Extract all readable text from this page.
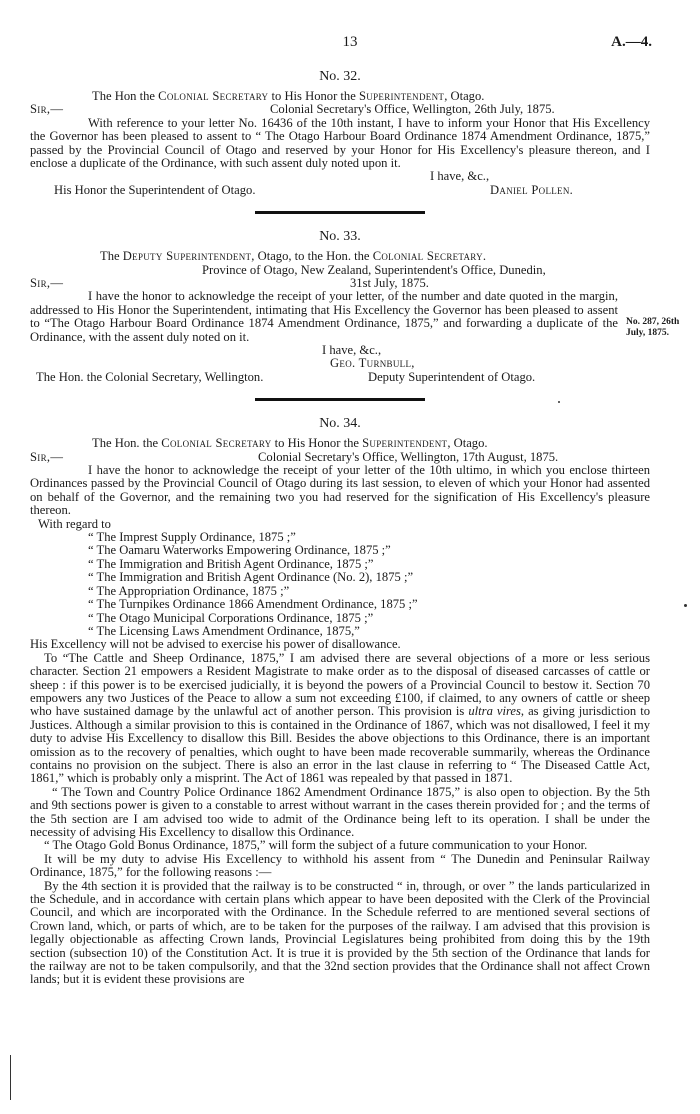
13	A.—4.
No. 32.
The Hon the Colonial Secretary to His Honor the Superintendent, Otago.
Sir,—	Colonial Secretary's Office, Wellington, 26th July, 1875.

With reference to your letter No. 16436 of the 10th instant, I have to inform your Honor that His Excellency the Governor has been pleased to assent to “ The Otago Harbour Board Ordinance 1874 Amendment Ordinance, 1875,” passed by the Provincial Council of Otago and reserved by your Honor for His Excellency's pleasure thereon, and I enclose a duplicate of the Ordinance, with such assent duly noted upon it.

I have, &c.,

His Honor the Superintendent of Otago.	Daniel Pollen.
No. 33.
The Deputy Superintendent, Otago, to the Hon. the Colonial Secretary.
Province of Otago, New Zealand, Superintendent's Office, Dunedin,
Sir,—	31st July, 1875.

I have the honor to acknowledge the receipt of your letter, of the number and date quoted in the margin, addressed to His Honor the Superintendent, intimating that His Excellency the Governor has been pleased to assent to “The Otago Harbour Board Ordinance 1874 Amendment Ordinance, 1875,” and forwarding a duplicate of the Ordinance, with the assent duly noted on it.

No. 287, 26th July, 1875.

I have, &c.,

Geo. Turnbull,

The Hon. the Colonial Secretary, Wellington.	Deputy Superintendent of Otago.
No. 34.
The Hon. the Colonial Secretary to His Honor the Superintendent, Otago.
Sir,—	Colonial Secretary's Office, Wellington, 17th August, 1875.

I have the honor to acknowledge the receipt of your letter of the 10th ultimo, in which you enclose thirteen Ordinances passed by the Provincial Council of Otago during its last session, to eleven of which your Honor had assented on behalf of the Governor, and the remaining two you had reserved for the signification of His Excellency's pleasure thereon.

With regard to

“ The Imprest Supply Ordinance, 1875 ;”

“ The Oamaru Waterworks Empowering Ordinance, 1875 ;”

“ The Immigration and British Agent Ordinance, 1875 ;”

“ The Immigration and British Agent Ordinance (No. 2), 1875 ;”

“ The Appropriation Ordinance, 1875 ;”

“ The Turnpikes Ordinance 1866 Amendment Ordinance, 1875 ;”

“ The Otago Municipal Corporations Ordinance, 1875 ;”

“ The Licensing Laws Amendment Ordinance, 1875,”

His Excellency will not be advised to exercise his power of disallowance.

To “The Cattle and Sheep Ordinance, 1875,” I am advised there are several objections of a more or less serious character. Section 21 empowers a Resident Magistrate to make order as to the disposal of diseased carcasses of cattle or sheep : if this power is to be exercised judicially, it is beyond the powers of a Provincial Council to bestow it. Section 70 empowers any two Justices of the Peace to allow a sum not exceeding £100, if claimed, to any owners of cattle or sheep who have sustained damage by the unlawful act of another person. This provision is ultra vires, as giving jurisdiction to Justices. Although a similar provision to this is contained in the Ordinance of 1867, which was not disallowed, I feel it my duty to advise His Excellency to disallow this Bill. Besides the above objections to this Ordinance, there is an important omission as to the recovery of penalties, which ought to have been made recoverable summarily, whereas the Ordinance contains no provision on the subject. There is also an error in the last clause in referring to “ The Diseased Cattle Act, 1861,” which is probably only a misprint. The Act of 1861 was repealed by that passed in 1871.

“ The Town and Country Police Ordinance 1862 Amendment Ordinance 1875,” is also open to objection. By the 5th and 9th sections power is given to a constable to arrest without warrant in the cases therein provided for ; and the terms of the 5th section are I am advised too wide to admit of the Ordinance being left to its operation. I shall be under the necessity of advising His Excellency to disallow this Ordinance.

“ The Otago Gold Bonus Ordinance, 1875,” will form the subject of a future communication to your Honor.

It will be my duty to advise His Excellency to withhold his assent from “ The Dunedin and Peninsular Railway Ordinance, 1875,” for the following reasons :—

By the 4th section it is provided that the railway is to be constructed “ in, through, or over ” the lands particularized in the Schedule, and in accordance with certain plans which appear to have been deposited with the Clerk of the Provincial Council, and which are incorporated with the Ordinance. In the Schedule referred to are mentioned several sections of Crown land, which, or parts of which, are to be taken for the purposes of the railway. I am advised that this provision is legally objectionable as affecting Crown lands, Provincial Legislatures being prohibited from doing this by the 19th section (subsection 10) of the Constitution Act. It is true it is provided by the 5th section of the Ordinance that lands for the railway are not to be taken compulsorily, and that the 32nd section provides that the Ordinance shall not affect Crown lands; but it is evident these provisions are
